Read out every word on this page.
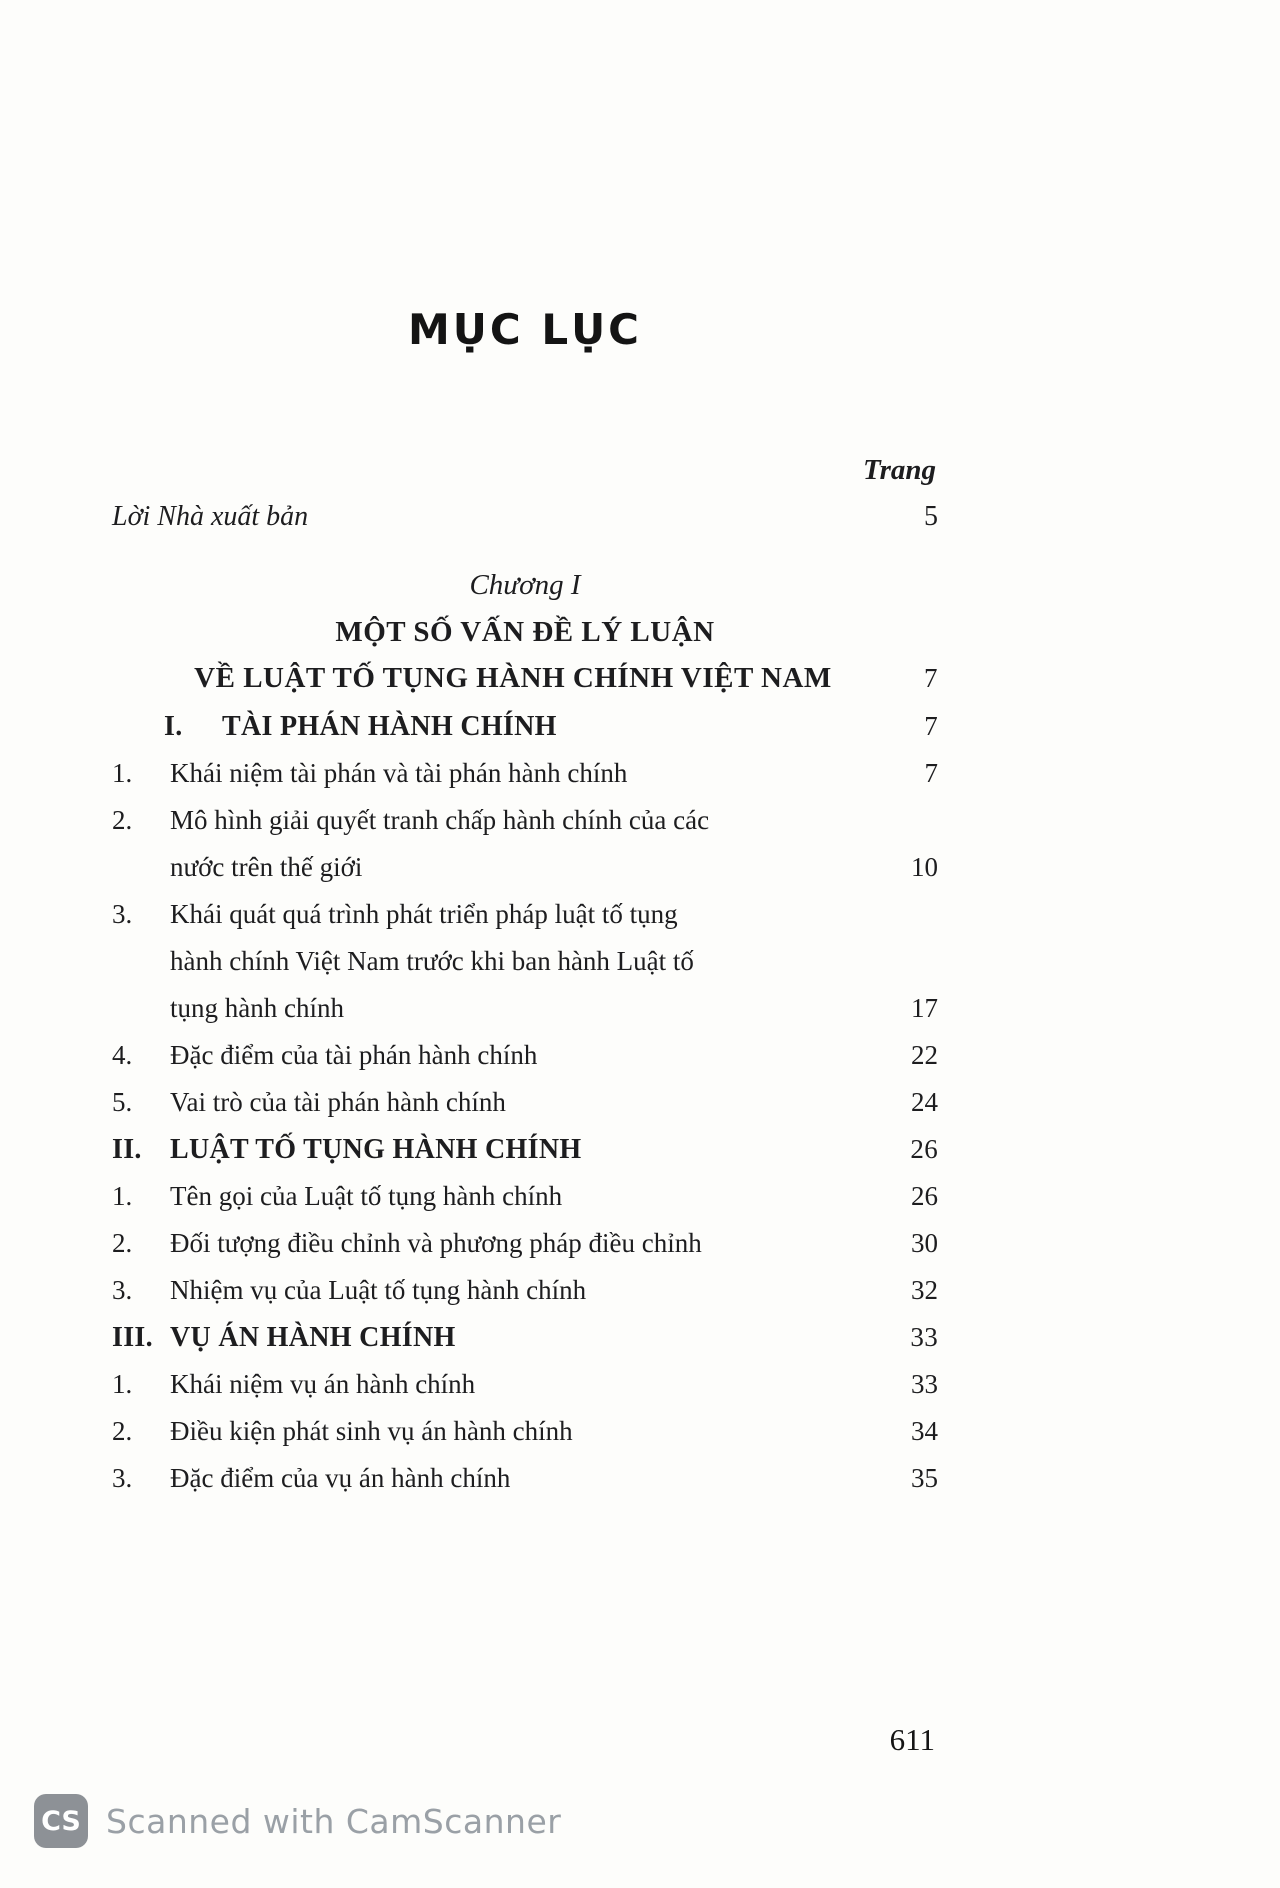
MỤC LỤC
Trang
Lời Nhà xuất bản	5
Chương I
MỘT SỐ VẤN ĐỀ LÝ LUẬN
VỀ LUẬT TỐ TỤNG HÀNH CHÍNH VIỆT NAM	7
I.	TÀI PHÁN HÀNH CHÍNH	7
1.	Khái niệm tài phán và tài phán hành chính	7
2.	Mô hình giải quyết tranh chấp hành chính của các
nước trên thế giới	10
3.	Khái quát quá trình phát triển pháp luật tố tụng
hành chính Việt Nam trước khi ban hành Luật tố
tụng hành chính	17
4.	Đặc điểm của tài phán hành chính	22
5.	Vai trò của tài phán hành chính	24
II.	LUẬT TỐ TỤNG HÀNH CHÍNH	26
1.	Tên gọi của Luật tố tụng hành chính	26
2.	Đối tượng điều chỉnh và phương pháp điều chỉnh	30
3.	Nhiệm vụ của Luật tố tụng hành chính	32
III. VỤ ÁN HÀNH CHÍNH	33
1.	Khái niệm vụ án hành chính	33
2.	Điều kiện phát sinh vụ án hành chính	34
3.	Đặc điểm của vụ án hành chính	35
611
CS Scanned with CamScanner
